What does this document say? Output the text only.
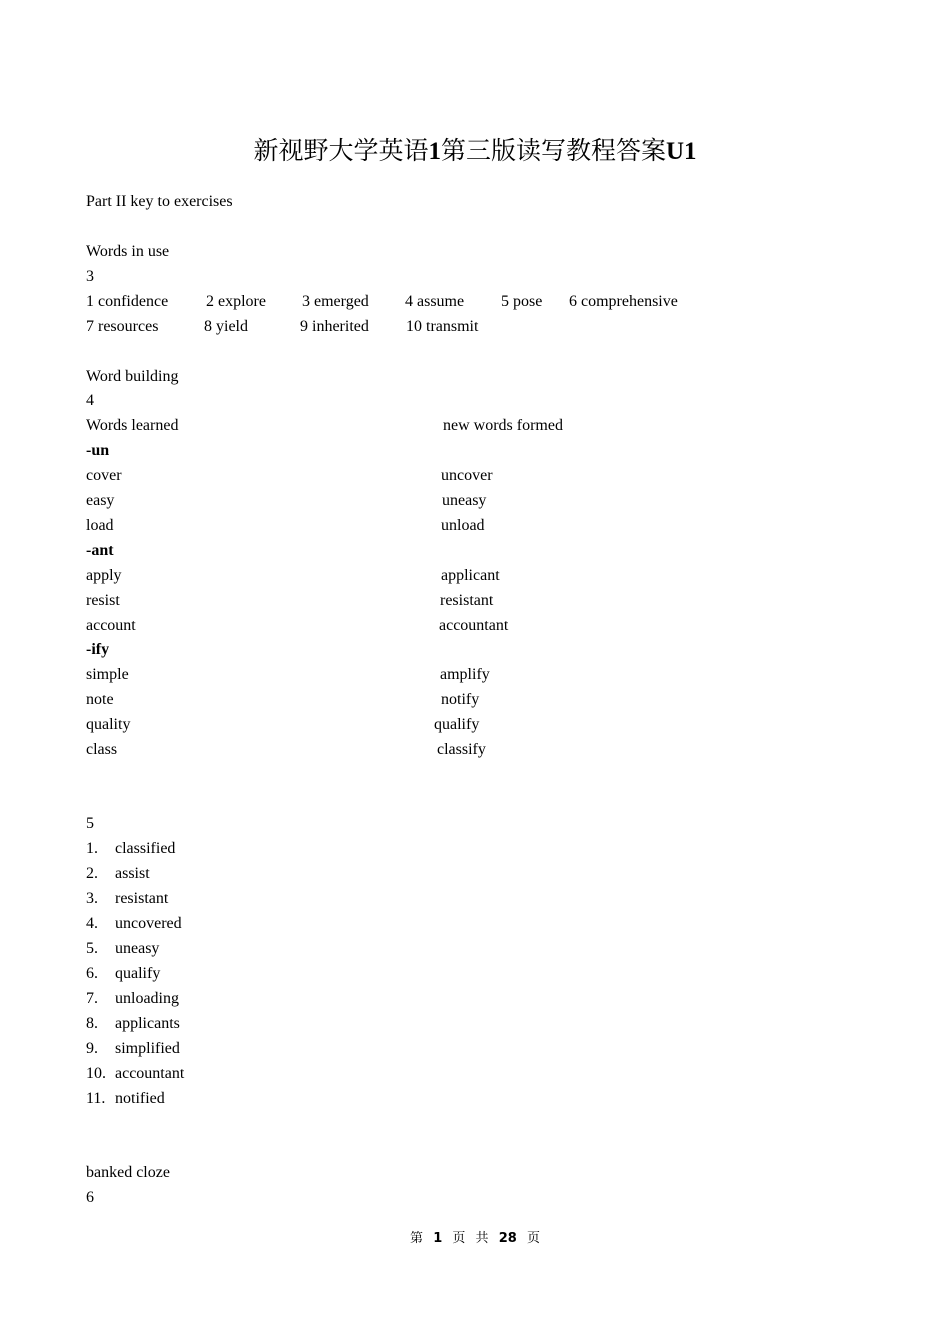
新视野大学英语1第三版读写教程答案U1
Part II key to exercises
Words in use
3
1 confidence 2 explore 3 emerged 4 assume 5 pose 6 comprehensive
7 resources	8 yield	9 inherited 10 transmit
Word building
4
Words learned	new words formed
-un
cover	uncover
easy	uneasy
load	unload
-ant
apply	applicant
resist	resistant
account	accountant
-ify
simple	amplify
note	notify
quality	qualify
class	classify
5
1. classified
2. assist
3. resistant
4. uncovered
5. uneasy
6. qualify
7. unloading
8. applicants
9. simplified
10. accountant
11. notified
banked cloze
6
第 1 页 共 28 页
